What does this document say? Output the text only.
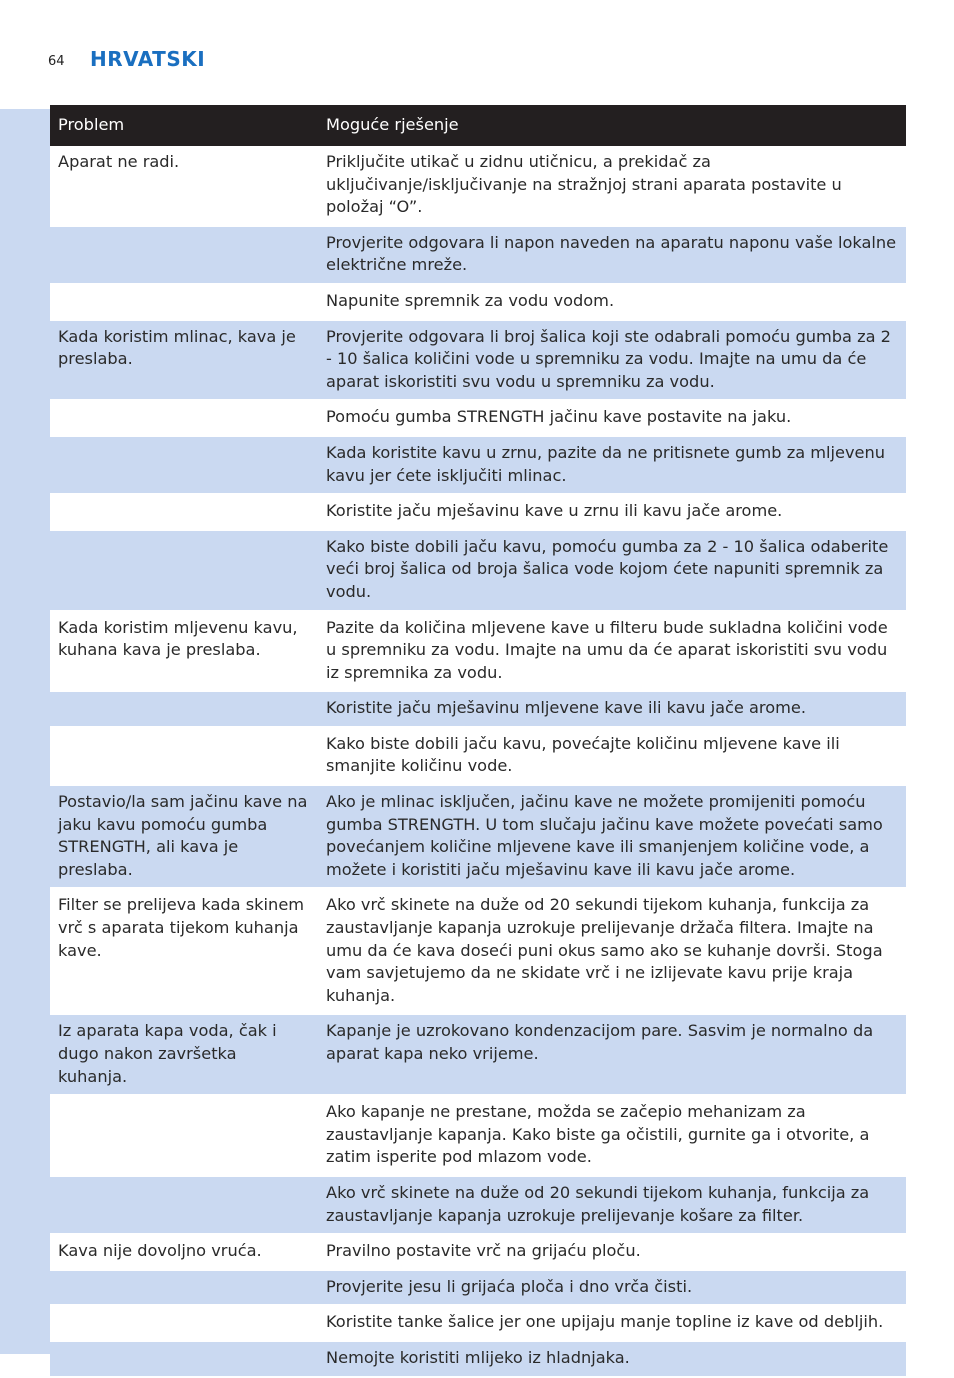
64 HRVATSKI
Problem	Moguće rješenje
Aparat ne radi.	Priključite utikač u zidnu utičnicu, a prekidač za uključivanje/isključivanje na stražnjoj strani aparata postavite u položaj “O”.
	Provjerite odgovara li napon naveden na aparatu naponu vaše lokalne električne mreže.
	Napunite spremnik za vodu vodom.
Kada koristim mlinac, kava je preslaba.	Provjerite odgovara li broj šalica koji ste odabrali pomoću gumba za 2 - 10 šalica količini vode u spremniku za vodu. Imajte na umu da će aparat iskoristiti svu vodu u spremniku za vodu.
	Pomoću gumba STRENGTH jačinu kave postavite na jaku.
	Kada koristite kavu u zrnu, pazite da ne pritisnete gumb za mljevenu kavu jer ćete isključiti mlinac.
	Koristite jaču mješavinu kave u zrnu ili kavu jače arome.
	Kako biste dobili jaču kavu, pomoću gumba za 2 - 10 šalica odaberite veći broj šalica od broja šalica vode kojom ćete napuniti spremnik za vodu.
Kada koristim mljevenu kavu, kuhana kava je preslaba.	Pazite da količina mljevene kave u filteru bude sukladna količini vode u spremniku za vodu. Imajte na umu da će aparat iskoristiti svu vodu iz spremnika za vodu.
	Koristite jaču mješavinu mljevene kave ili kavu jače arome.
	Kako biste dobili jaču kavu, povećajte količinu mljevene kave ili smanjite količinu vode.
Postavio/la sam jačinu kave na jaku kavu pomoću gumba STRENGTH, ali kava je preslaba.	Ako je mlinac isključen, jačinu kave ne možete promijeniti pomoću gumba STRENGTH. U tom slučaju jačinu kave možete povećati samo povećanjem količine mljevene kave ili smanjenjem količine vode, a možete i koristiti jaču mješavinu kave ili kavu jače arome.
Filter se prelijeva kada skinem vrč s aparata tijekom kuhanja kave.	Ako vrč skinete na duže od 20 sekundi tijekom kuhanja, funkcija za zaustavljanje kapanja uzrokuje prelijevanje držača filtera. Imajte na umu da će kava doseći puni okus samo ako se kuhanje dovrši. Stoga vam savjetujemo da ne skidate vrč i ne izlijevate kavu prije kraja kuhanja.
Iz aparata kapa voda, čak i dugo nakon završetka kuhanja.	Kapanje je uzrokovano kondenzacijom pare. Sasvim je normalno da aparat kapa neko vrijeme.
	Ako kapanje ne prestane, možda se začepio mehanizam za zaustavljanje kapanja. Kako biste ga očistili, gurnite ga i otvorite, a zatim isperite pod mlazom vode.
	Ako vrč skinete na duže od 20 sekundi tijekom kuhanja, funkcija za zaustavljanje kapanja uzrokuje prelijevanje košare za filter.
Kava nije dovoljno vruća.	Pravilno postavite vrč na grijaću ploču.
	Provjerite jesu li grijaća ploča i dno vrča čisti.
	Koristite tanke šalice jer one upijaju manje topline iz kave od debljih.
	Nemojte koristiti mlijeko iz hladnjaka.
